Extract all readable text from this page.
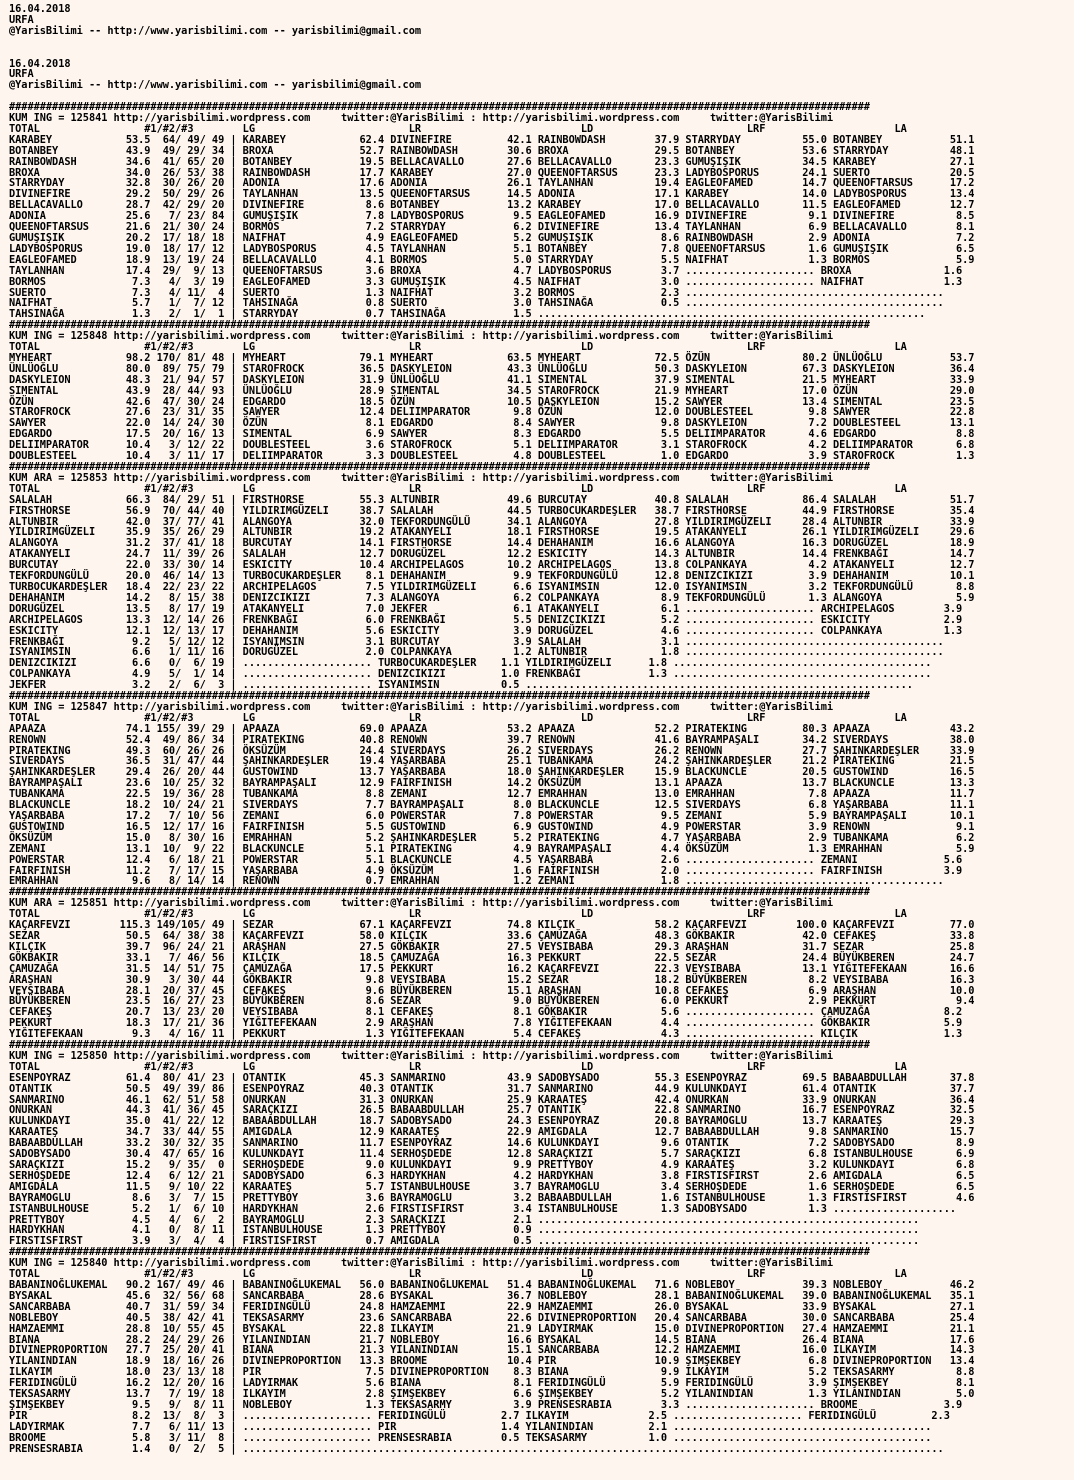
16.04.2018
URFA
@YarisBilimi -- http://www.yarisbilimi.com -- yarisbilimi@gmail.com
16.04.2018
URFA
@YarisBilimi -- http://www.yarisbilimi.com -- yarisbilimi@gmail.com
############################################################################################################################################
KUM ING = 125841 http://yarisbilimi.wordpress.com     twitter:@YarisBilimi : http://yarisbilimi.wordpress.com     twitter:@YarisBilimi
TOTAL                 #1/#2/#3        LG                         LR                          LD                         LRF                     LA
KARABEY            53.5  64/ 49/ 49 | KARABEY            62.4 DIVINEFIRE         42.1 RAINBOWDASH        37.9 STARRYDAY          55.0 BOTANBEY           51.1
BOTANBEY           43.9  49/ 29/ 34 | BROXA              52.7 RAINBOWDASH        30.6 BROXA              29.5 BOTANBEY           53.6 STARRYDAY          48.1
RAINBOWDASH        34.6  41/ 65/ 20 | BOTANBEY           19.5 BELLACAVALLO       27.6 BELLACAVALLO       23.3 GUMUŞIŞIK          34.5 KARABEY            27.1
BROXA              34.0  26/ 53/ 38 | RAINBOWDASH        17.7 KARABEY            27.0 QUEENOFTARSUS      23.3 LADYBOSPORUS       24.1 SUERTO             20.5
STARRYDAY          32.8  30/ 26/ 20 | ADONIA             17.6 ADONIA             26.1 TAYLANHAN          19.4 EAGLEOFAMED        14.7 QUEENOFTARSUS      17.2
DIVINEFIRE         29.2  50/ 29/ 26 | TAYLANHAN          13.5 QUEENOFTARSUS      14.5 ADONIA             17.1 KARABEY            14.0 LADYBOSPORUS       13.4
BELLACAVALLO       28.7  42/ 29/ 20 | DIVINEFIRE          8.6 BOTANBEY           13.2 KARABEY            17.0 BELLACAVALLO       11.5 EAGLEOFAMED        12.7
ADONIA             25.6   7/ 23/ 84 | GUMUŞIŞIK           7.8 LADYBOSPORUS        9.5 EAGLEOFAMED        16.9 DIVINEFIRE          9.1 DIVINEFIRE          8.5
QUEENOFTARSUS      21.6  21/ 30/ 24 | BORMOS              7.2 STARRYDAY           6.2 DIVINEFIRE         13.4 TAYLANHAN           6.9 BELLACAVALLO        8.1
GUMUŞIŞIK          20.2  17/ 18/ 18 | NAIFHAT             4.9 EAGLEOFAMED         5.2 GUMUŞIŞIK           8.6 RAINBOWDASH         2.9 ADONIA              7.2
LADYBOSPORUS       19.0  18/ 17/ 12 | LADYBOSPORUS        4.5 TAYLANHAN           5.1 BOTANBEY            7.8 QUEENOFTARSUS       1.6 GUMUŞIŞIK           6.5
EAGLEOFAMED        18.9  13/ 19/ 24 | BELLACAVALLO        4.1 BORMOS              5.0 STARRYDAY           5.5 NAIFHAT             1.3 BORMOS              5.9
TAYLANHAN          17.4  29/  9/ 13 | QUEENOFTARSUS       3.6 BROXA               4.7 LADYBOSPORUS        3.7 ..................... BROXA               1.6
BORMOS              7.3   4/  3/ 19 | EAGLEOFAMED         3.3 GUMUŞIŞIK           4.5 NAIFHAT             3.0 ..................... NAIFHAT             1.3
SUERTO              7.3   4/ 11/  4 | SUERTO              1.3 NAIFHAT             3.2 BORMOS              2.3 ..........................................
NAIFHAT             5.7   1/  7/ 12 | TAHSINAĞA           0.8 SUERTO              3.0 TAHSINAĞA           0.5 ..........................................
TAHSINAĞA           1.3   2/  1/  1 | STARRYDAY           0.7 TAHSINAĞA           1.5 ...............................................................
############################################################################################################################################
KUM ING = 125848 http://yarisbilimi.wordpress.com     twitter:@YarisBilimi : http://yarisbilimi.wordpress.com     twitter:@YarisBilimi
TOTAL                 #1/#2/#3        LG                         LR                          LD                         LRF                     LA
MYHEART            98.2 170/ 81/ 48 | MYHEART            79.1 MYHEART            63.5 MYHEART            72.5 ÖZÜN               80.2 ÜNLÜOĞLU           53.7
ÜNLÜOĞLU           80.0  89/ 75/ 79 | STAROFROCK         36.5 DASKYLEION         43.3 ÜNLÜOĞLU           50.3 DASKYLEION         67.3 DASKYLEION         36.4
DASKYLEION         48.3  21/ 94/ 57 | DASKYLEION         31.9 ÜNLÜOĞLU           41.1 SIMENTAL           37.9 SIMENTAL           21.5 MYHEART            33.9
SIMENTAL           43.9  28/ 44/ 93 | ÜNLÜOĞLU           28.9 SIMENTAL           34.5 STAROFROCK         21.9 MYHEART            17.0 ÖZÜN               29.0
ÖZÜN               42.6  47/ 30/ 24 | EDGARDO            18.5 ÖZÜN               10.5 DASKYLEION         15.2 SAWYER             13.4 SIMENTAL           23.5
STAROFROCK         27.6  23/ 31/ 35 | SAWYER             12.4 DELIIMPARATOR       9.8 ÖZÜN               12.0 DOUBLESTEEL         9.8 SAWYER             22.8
SAWYER             22.0  14/ 24/ 30 | ÖZÜN                8.1 EDGARDO             8.4 SAWYER              9.8 DASKYLEION          7.2 DOUBLESTEEL        13.1
EDGARDO            17.5  20/ 16/ 13 | SIMENTAL            6.9 SAWYER              8.3 EDGARDO             5.5 DELIIMPARATOR       4.6 EDGARDO             8.8
DELIIMPARATOR      10.4   3/ 12/ 22 | DOUBLESTEEL         3.6 STAROFROCK          5.1 DELIIMPARATOR       3.1 STAROFROCK          4.2 DELIIMPARATOR       6.8
DOUBLESTEEL        10.4   3/ 11/ 17 | DELIIMPARATOR       3.3 DOUBLESTEEL         4.8 DOUBLESTEEL         1.0 EDGARDO             3.9 STAROFROCK          1.3
############################################################################################################################################
KUM ARA = 125853 http://yarisbilimi.wordpress.com     twitter:@YarisBilimi : http://yarisbilimi.wordpress.com     twitter:@YarisBilimi
TOTAL                 #1/#2/#3        LG                         LR                          LD                         LRF                     LA
SALALAH            66.3  84/ 29/ 51 | FIRSTHORSE         55.3 ALTUNBIR           49.6 BURCUTAY           40.8 SALALAH            86.4 SALALAH            51.7
FIRSTHORSE         56.9  70/ 44/ 40 | YILDIRIMGÜZELI     38.7 SALALAH            44.5 TURBOCUKARDEŞLER   38.7 FIRSTHORSE         44.9 FIRSTHORSE         35.4
ALTUNBIR           42.0  37/ 77/ 41 | ALANGOYA           32.0 TEKFORDUNGÜLÜ      34.1 ALANGOYA           27.8 YILDIRIMGÜZELI     28.4 ALTUNBIR           33.9
YILDIRIMGÜZELI     35.9  35/ 26/ 29 | ALTUNBIR           19.2 ATAKANYELI         18.1 FIRSTHORSE         19.5 ATAKANYELI         26.1 YILDIRIMGÜZELI     29.6
ALANGOYA           31.2  37/ 41/ 18 | BURCUTAY           14.1 FIRSTHORSE         14.4 DEHAHANIM          16.6 ALANGOYA           16.3 DORUGÜZEL          18.9
ATAKANYELI         24.7  11/ 39/ 26 | SALALAH            12.7 DORUGÜZEL          12.2 ESKICITY           14.3 ALTUNBIR           14.4 FRENKBAĞI          14.7
BURCUTAY           22.0  33/ 30/ 14 | ESKICITY           10.4 ARCHIPELAGOS       10.2 ARCHIPELAGOS       13.8 COLPANKAYA          4.2 ATAKANYELI         12.7
TEKFORDUNGÜLÜ      20.0  46/ 14/ 13 | TURBOCUKARDEŞLER    8.1 DEHAHANIM           9.9 TEKFORDUNGÜLÜ      12.8 DENIZCIKIZI         3.9 DEHAHANIM          10.1
TURBOCUKARDEŞLER   18.4  22/ 23/ 22 | ARCHIPELAGOS        7.5 YILDIRIMGÜZELI      6.6 ISYANIMSIN         12.0 ISYANIMSIN          3.2 TEKFORDUNGÜLÜ       8.8
DEHAHANIM          14.2   8/ 15/ 38 | DENIZCIKIZI         7.3 ALANGOYA            6.2 COLPANKAYA          8.9 TEKFORDUNGÜLÜ       1.3 ALANGOYA            5.9
DORUGÜZEL          13.5   8/ 17/ 19 | ATAKANYELI          7.0 JEKFER              6.1 ATAKANYELI          6.1 ..................... ARCHIPELAGOS        3.9
ARCHIPELAGOS       13.3  12/ 14/ 26 | FRENKBAĞI           6.0 FRENKBAĞI           5.5 DENIZCIKIZI         5.2 ..................... ESKICITY            2.9
ESKICITY           12.1  12/ 13/ 17 | DEHAHANIM           5.6 ESKICITY            3.9 DORUGÜZEL           4.6 ..................... COLPANKAYA          1.3
FRENKBAĞI           9.2   5/ 12/ 12 | ISYANIMSIN          3.1 BURCUTAY            3.9 SALALAH             3.1 ..........................................
ISYANIMSIN          6.6   1/ 11/ 16 | DORUGÜZEL           2.0 COLPANKAYA          1.2 ALTUNBIR            1.8 ..........................................
DENIZCIKIZI         6.6   0/  6/ 19 | ..................... TURBOCUKARDEŞLER    1.1 YILDIRIMGÜZELI      1.8 ..........................................
COLPANKAYA          4.9   5/  1/ 14 | ..................... DENIZCIKIZI         1.0 FRENKBAĞI           1.3 ..........................................
JEKFER              3.2   2/  6/  3 | ..................... ISYANIMSIN          0.5 ...............................................................
############################################################################################################################################
KUM ING = 125847 http://yarisbilimi.wordpress.com     twitter:@YarisBilimi : http://yarisbilimi.wordpress.com     twitter:@YarisBilimi
TOTAL                 #1/#2/#3        LG                         LR                          LD                         LRF                     LA
APAAZA             74.1 155/ 39/ 29 | APAAZA             69.0 APAAZA             53.2 APAAZA             52.2 PIRATEKING         80.3 APAAZA             43.2
RENOWN             52.4  49/ 86/ 34 | PIRATEKING         40.8 RENOWN             39.7 RENOWN             41.6 BAYRAMPAŞALI       34.2 SIVERDAYS          38.0
PIRATEKING         49.3  60/ 26/ 26 | ÖKSÜZÜM            24.4 SIVERDAYS          26.2 SIVERDAYS          26.2 RENOWN             27.7 ŞAHINKARDEŞLER     33.9
SIVERDAYS          36.5  31/ 47/ 44 | ŞAHINKARDEŞLER     19.4 YAŞARBABA          25.1 TUBANKAMA          24.2 ŞAHINKARDEŞLER     21.2 PIRATEKING         21.5
ŞAHINKARDEŞLER     29.4  26/ 20/ 44 | GUSTOWIND          13.7 YAŞARBABA          18.0 ŞAHINKARDEŞLER     15.9 BLACKUNCLE         20.5 GUSTOWIND          16.5
BAYRAMPAŞALI       23.6  10/ 25/ 32 | BAYRAMPAŞALI       12.9 FAIRFINISH         14.2 ÖKSÜZÜM            13.1 APAAZA             13.7 BLACKUNCLE         13.3
TUBANKAMA          22.5  19/ 36/ 28 | TUBANKAMA           8.8 ZEMANI             12.7 EMRAHHAN           13.0 EMRAHHAN            7.8 APAAZA             11.7
BLACKUNCLE         18.2  10/ 24/ 21 | SIVERDAYS           7.7 BAYRAMPAŞALI        8.0 BLACKUNCLE         12.5 SIVERDAYS           6.8 YAŞARBABA          11.1
YAŞARBABA          17.2   7/ 10/ 56 | ZEMANI              6.0 POWERSTAR           7.8 POWERSTAR           9.5 ZEMANI              5.9 BAYRAMPAŞALI       10.1
GUSTOWIND          16.5  12/ 17/ 16 | FAIRFINISH          5.5 GUSTOWIND           6.9 GUSTOWIND           4.9 POWERSTAR           3.9 RENOWN              9.1
ÖKSÜZÜM            15.0   8/ 30/ 16 | EMRAHHAN            5.2 ŞAHINKARDEŞLER      5.2 PIRATEKING          4.7 YAŞARBABA           2.9 TUBANKAMA           6.2
ZEMANI             13.1  10/  9/ 22 | BLACKUNCLE          5.1 PIRATEKING          4.9 BAYRAMPAŞALI        4.4 ÖKSÜZÜM             1.3 EMRAHHAN            5.9
POWERSTAR          12.4   6/ 18/ 21 | POWERSTAR           5.1 BLACKUNCLE          4.5 YAŞARBABA           2.6 ..................... ZEMANI              5.6
FAIRFINISH         11.2   7/ 17/ 15 | YAŞARBABA           4.9 ÖKSÜZÜM             1.6 FAIRFINISH          2.0 ..................... FAIRFINISH          3.9
EMRAHHAN            9.6   8/ 14/ 14 | RENOWN              0.7 EMRAHHAN            1.2 ZEMANI              1.8 ..........................................
############################################################################################################################################
KUM ARA = 125851 http://yarisbilimi.wordpress.com     twitter:@YarisBilimi : http://yarisbilimi.wordpress.com     twitter:@YarisBilimi
TOTAL                 #1/#2/#3        LG                         LR                          LD                         LRF                     LA
KAÇARFEVZI        115.3 149/105/ 49 | SEZAR              67.1 KAÇARFEVZI         74.8 KILÇIK             58.2 KAÇARFEVZI        100.0 KAÇARFEVZI         77.0
SEZAR              50.5  64/ 38/ 38 | KAÇARFEVZI         58.0 KILÇIK             33.6 ÇAMUZAĞA           48.3 GÖKBAKIR           42.0 CEFAKEŞ            33.8
KILÇIK             39.7  96/ 24/ 21 | ARAŞHAN            27.5 GÖKBAKIR           27.5 VEYSIBABA          29.3 ARAŞHAN            31.7 SEZAR              25.8
GÖKBAKIR           33.1   7/ 46/ 56 | KILÇIK             18.5 ÇAMUZAĞA           16.3 PEKKURT            22.5 SEZAR              24.4 BÜYÜKBEREN         24.7
ÇAMUZAĞA           31.5  14/ 51/ 75 | ÇAMUZAĞA           17.5 PEKKURT            16.2 KAÇARFEVZI         22.3 VEYSIBABA          13.1 YIĞITEFEKAAN       16.6
ARAŞHAN            30.9   3/ 30/ 44 | GÖKBAKIR            9.8 VEYSIBABA          15.2 SEZAR              18.2 BÜYÜKBEREN          8.2 VEYSIBABA          16.3
VEYSIBABA          28.1  20/ 37/ 45 | CEFAKEŞ             9.6 BÜYÜKBEREN         15.1 ARAŞHAN            10.8 CEFAKEŞ             6.9 ARAŞHAN            10.0
BÜYÜKBEREN         23.5  16/ 27/ 23 | BÜYÜKBEREN          8.6 SEZAR               9.0 BÜYÜKBEREN          6.0 PEKKURT             2.9 PEKKURT             9.4
CEFAKEŞ            20.7  13/ 23/ 20 | VEYSIBABA           8.1 CEFAKEŞ             8.1 GÖKBAKIR            5.6 ..................... ÇAMUZAĞA            8.2
PEKKURT            18.3  17/ 21/ 36 | YIĞITEFEKAAN        2.9 ARAŞHAN             7.8 YIĞITEFEKAAN        4.4 ..................... GÖKBAKIR            5.9
YIĞITEFEKAAN        9.3   4/ 16/ 11 | PEKKURT             1.3 YIĞITEFEKAAN        5.4 CEFAKEŞ             4.3 ..................... KILÇIK              1.3
############################################################################################################################################
KUM ING = 125850 http://yarisbilimi.wordpress.com     twitter:@YarisBilimi : http://yarisbilimi.wordpress.com     twitter:@YarisBilimi
TOTAL                 #1/#2/#3        LG                         LR                          LD                         LRF                     LA
ESENPOYRAZ         61.4  80/ 41/ 23 | OTANTIK            45.3 SANMARINO          43.9 SADOBYSADO         55.3 ESENPOYRAZ         69.5 BABAABDULLAH       37.8
OTANTIK            50.5  49/ 39/ 86 | ESENPOYRAZ         40.3 OTANTIK            31.7 SANMARINO          44.9 KULUNKDAYI         61.4 OTANTIK            37.7
SANMARINO          46.1  62/ 51/ 58 | ONURKAN            31.3 ONURKAN            25.9 KARAATEŞ           42.4 ONURKAN            33.9 ONURKAN            36.4
ONURKAN            44.3  41/ 36/ 45 | SARAÇKIZI          26.5 BABAABDULLAH       25.7 OTANTIK            22.8 SANMARINO          16.7 ESENPOYRAZ         32.5
KULUNKDAYI         35.0  41/ 22/ 12 | BABAABDULLAH       18.7 SADOBYSADO         24.3 ESENPOYRAZ         20.8 BAYRAMOGLU         13.7 KARAATEŞ           29.3
KARAATEŞ           34.7  33/ 44/ 55 | AMIGDALA           12.9 KARAATEŞ           22.9 AMIGDALA           12.7 BABAABDULLAH        9.8 SANMARINO          15.7
BABAABDULLAH       33.2  30/ 32/ 35 | SANMARINO          11.7 ESENPOYRAZ         14.6 KULUNKDAYI          9.6 OTANTIK             7.2 SADOBYSADO          8.9
SADOBYSADO         30.4  47/ 65/ 16 | KULUNKDAYI         11.4 SERHOŞDEDE         12.8 SARAÇKIZI           5.7 SARAÇKIZI           6.8 ISTANBULHOUSE       6.9
SARAÇKIZI          15.2   9/ 35/  0 | SERHOŞDEDE          9.0 KULUNKDAYI          9.9 PRETTYBOY           4.9 KARAATEŞ            3.2 KULUNKDAYI          6.8
SERHOŞDEDE         12.4   6/ 12/ 21 | SADOBYSADO          6.3 HARDYKHAN           4.2 HARDYKHAN           3.8 FIRSTISFIRST        2.6 AMIGDALA            6.5
AMIGDALA           11.5   9/ 10/ 22 | KARAATEŞ            5.7 ISTANBULHOUSE       3.7 BAYRAMOGLU          3.4 SERHOŞDEDE          1.6 SERHOŞDEDE          6.5
BAYRAMOGLU          8.6   3/  7/ 15 | PRETTYBOY           3.6 BAYRAMOGLU          3.2 BABAABDULLAH        1.6 ISTANBULHOUSE       1.3 FIRSTISFIRST        4.6
ISTANBULHOUSE       5.2   1/  6/ 10 | HARDYKHAN           2.6 FIRSTISFIRST        3.4 ISTANBULHOUSE       1.3 SADOBYSADO          1.3 ....................
PRETTYBOY           4.5   4/  6/  2 | BAYRAMOGLU          2.3 SARAÇKIZI           2.1 ..............................................................
HARDYKHAN           4.1   0/  8/ 11 | ISTANBULHOUSE       1.3 PRETTYBOY           0.9 ..............................................................
FIRSTISFIRST        3.9   3/  4/  4 | FIRSTISFIRST        0.7 AMIGDALA            0.5 ..............................................................
############################################################################################################################################
KUM ING = 125840 http://yarisbilimi.wordpress.com     twitter:@YarisBilimi : http://yarisbilimi.wordpress.com     twitter:@YarisBilimi
TOTAL                 #1/#2/#3        LG                         LR                          LD                         LRF                     LA
BABANINOĞLUKEMAL   90.2 167/ 49/ 46 | BABANINOĞLUKEMAL   56.0 BABANINOĞLUKEMAL   51.4 BABANINOĞLUKEMAL   71.6 NOBLEBOY           39.3 NOBLEBOY           46.2
BYSAKAL            45.6  32/ 56/ 68 | SANCARBABA         28.6 BYSAKAL            36.7 NOBLEBOY           28.1 BABANINOĞLUKEMAL   39.0 BABANINOĞLUKEMAL   35.1
SANCARBABA         40.7  31/ 59/ 34 | FERIDINGÜLÜ        24.8 HAMZAEMMI          22.9 HAMZAEMMI          26.0 BYSAKAL            33.9 BYSAKAL            27.1
NOBLEBOY           40.5  38/ 42/ 41 | TEKSASARMY         23.6 SANCARBABA         22.6 DIVINEPROPORTION   20.4 SANCARBABA         30.0 SANCARBABA         25.4
HAMZAEMMI          28.8  10/ 55/ 45 | BYSAKAL            22.8 ILKAYIM            21.9 LADYIRMAK          15.0 DIVINEPROPORTION   27.4 HAMZAEMMI          21.1
BIANA              28.2  24/ 29/ 26 | YILANINDIAN        21.7 NOBLEBOY           16.6 BYSAKAL            14.5 BIANA              26.4 BIANA              17.6
DIVINEPROPORTION   27.7  25/ 20/ 41 | BIANA              21.3 YILANINDIAN        15.1 SANCARBABA         12.2 HAMZAEMMI          16.0 ILKAYIM            14.3
YILANINDIAN        18.9  18/ 16/ 26 | DIVINEPROPORTION   13.3 BROOME             10.4 PIR                10.9 ŞIMŞEKBEY           6.8 DIVINEPROPORTION   13.4
ILKAYIM            18.0  23/ 13/ 18 | PIR                 7.5 DIVINEPROPORTION    8.3 BIANA               9.9 ILKAYIM             5.2 TEKSASARMY          8.8
FERIDINGÜLÜ        16.2  12/ 20/ 16 | LADYIRMAK           5.6 BIANA               8.1 FERIDINGÜLÜ         5.9 FERIDINGÜLÜ         3.9 ŞIMŞEKBEY           8.1
TEKSASARMY         13.7   7/ 19/ 18 | ILKAYIM             2.8 ŞIMŞEKBEY           6.6 ŞIMŞEKBEY           5.2 YILANINDIAN         1.3 YILANINDIAN         5.0
ŞIMŞEKBEY           9.5   9/  8/ 11 | NOBLEBOY            1.3 TEKSASARMY          3.9 PRENSESRABIA        3.3 ..................... BROOME              3.9
PIR                 8.2  13/  8/  3 | ..................... FERIDINGÜLÜ         2.7 ILKAYIM             2.5 ..................... FERIDINGÜLÜ         2.3
LADYIRMAK           7.7   6/ 11/ 13 | ..................... PIR                 1.4 YILANINDIAN         2.1 ..........................................
BROOME              5.8   3/ 11/  8 | ..................... PRENSESRABIA        0.5 TEKSASARMY          1.0 ..........................................
PRENSESRABIA        1.4   0/  2/  5 | ..................................................................................................................
